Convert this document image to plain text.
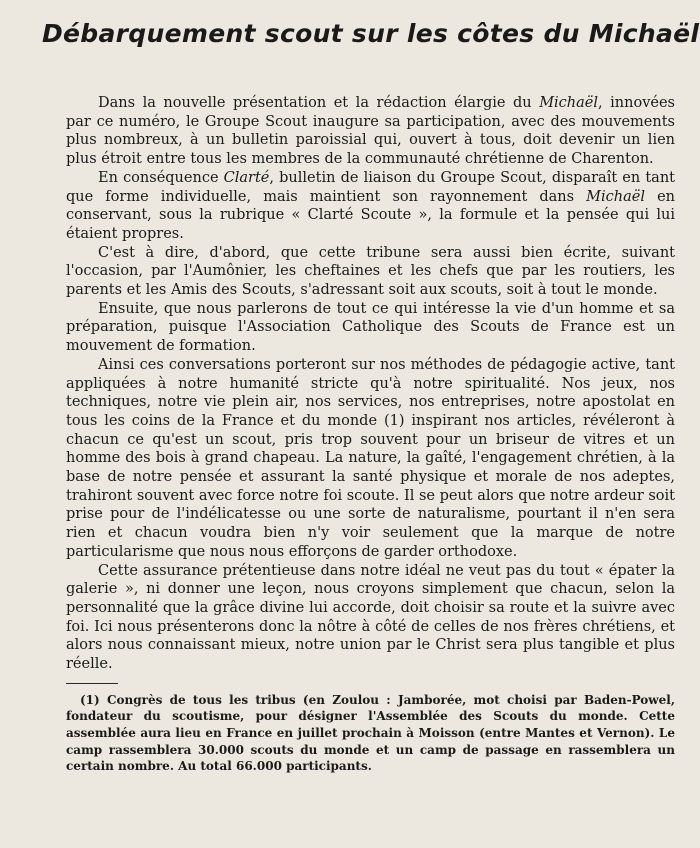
Débarquement scout sur les côtes du Michaël

Dans la nouvelle présentation et la rédaction élargie du Michaël, innovées par ce numéro, le Groupe Scout inaugure sa participation, avec des mouvements plus nombreux, à un bulletin paroissial qui, ouvert à tous, doit devenir un lien plus étroit entre tous les membres de la communauté chrétienne de Charenton.

En conséquence Clarté, bulletin de liaison du Groupe Scout, disparaît en tant que forme individuelle, mais maintient son rayonnement dans Michaël en conservant, sous la rubrique « Clarté Scoute », la formule et la pensée qui lui étaient propres.

C'est à dire, d'abord, que cette tribune sera aussi bien écrite, suivant l'occasion, par l'Aumônier, les cheftaines et les chefs que par les routiers, les parents et les Amis des Scouts, s'adressant soit aux scouts, soit à tout le monde.

Ensuite, que nous parlerons de tout ce qui intéresse la vie d'un homme et sa préparation, puisque l'Association Catholique des Scouts de France est un mouvement de formation.

Ainsi ces conversations porteront sur nos méthodes de pédagogie active, tant appliquées à notre humanité stricte qu'à notre spiritualité. Nos jeux, nos techniques, notre vie plein air, nos services, nos entreprises, notre apostolat en tous les coins de la France et du monde (1) inspirant nos articles, révéleront à chacun ce qu'est un scout, pris trop souvent pour un briseur de vitres et un homme des bois à grand chapeau. La nature, la gaîté, l'engagement chrétien, à la base de notre pensée et assurant la santé physique et morale de nos adeptes, trahiront souvent avec force notre foi scoute. Il se peut alors que notre ardeur soit prise pour de l'indélicatesse ou une sorte de naturalisme, pourtant il n'en sera rien et chacun voudra bien n'y voir seulement que la marque de notre particularisme que nous nous efforçons de garder orthodoxe.

Cette assurance prétentieuse dans notre idéal ne veut pas du tout « épater la galerie », ni donner une leçon, nous croyons simplement que chacun, selon la personnalité que la grâce divine lui accorde, doit choisir sa route et la suivre avec foi. Ici nous présenterons donc la nôtre à côté de celles de nos frères chrétiens, et alors nous connaissant mieux, notre union par le Christ sera plus tangible et plus réelle.

(1) Congrès de tous les tribus (en Zoulou : Jamborée, mot choisi par Baden-Powel, fondateur du scoutisme, pour désigner l'Assemblée des Scouts du monde. Cette assemblée aura lieu en France en juillet prochain à Moisson (entre Mantes et Vernon). Le camp rassemblera 30.000 scouts du monde et un camp de passage en rassemblera un certain nombre. Au total 66.000 participants.
